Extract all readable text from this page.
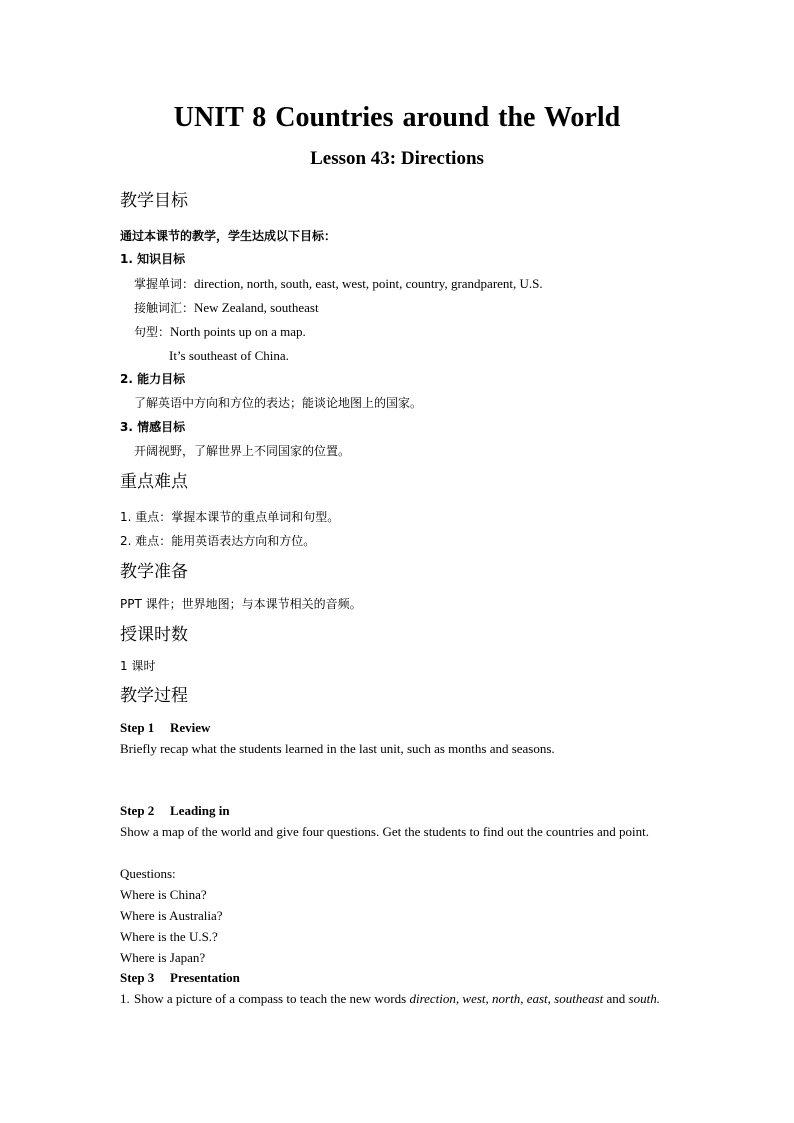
UNIT 8 Countries around the World
Lesson 43: Directions
教学目标
通过本课节的教学，学生达成以下目标：
1. 知识目标
掌握单词：direction, north, south, east, west, point, country, grandparent, U.S.
接触词汇：New Zealand, southeast
句型：North points up on a map.
It’s southeast of China.
2. 能力目标
了解英语中方向和方位的表达；能谈论地图上的国家。
3. 情感目标
开阔视野，了解世界上不同国家的位置。
重点难点
1. 重点：掌握本课节的重点单词和句型。
2. 难点：能用英语表达方向和方位。
教学准备
PPT 课件；世界地图；与本课节相关的音频。
授课时数
1 课时
教学过程
Step 1 Review
Briefly recap what the students learned in the last unit, such as months and seasons.
Step 2 Leading in
Show a map of the world and give four questions. Get the students to find out the countries and point.
Questions:
Where is China?
Where is Australia?
Where is the U.S.?
Where is Japan?
Step 3 Presentation
1. Show a picture of a compass to teach the new words direction, west, north, east, southeast and south.
